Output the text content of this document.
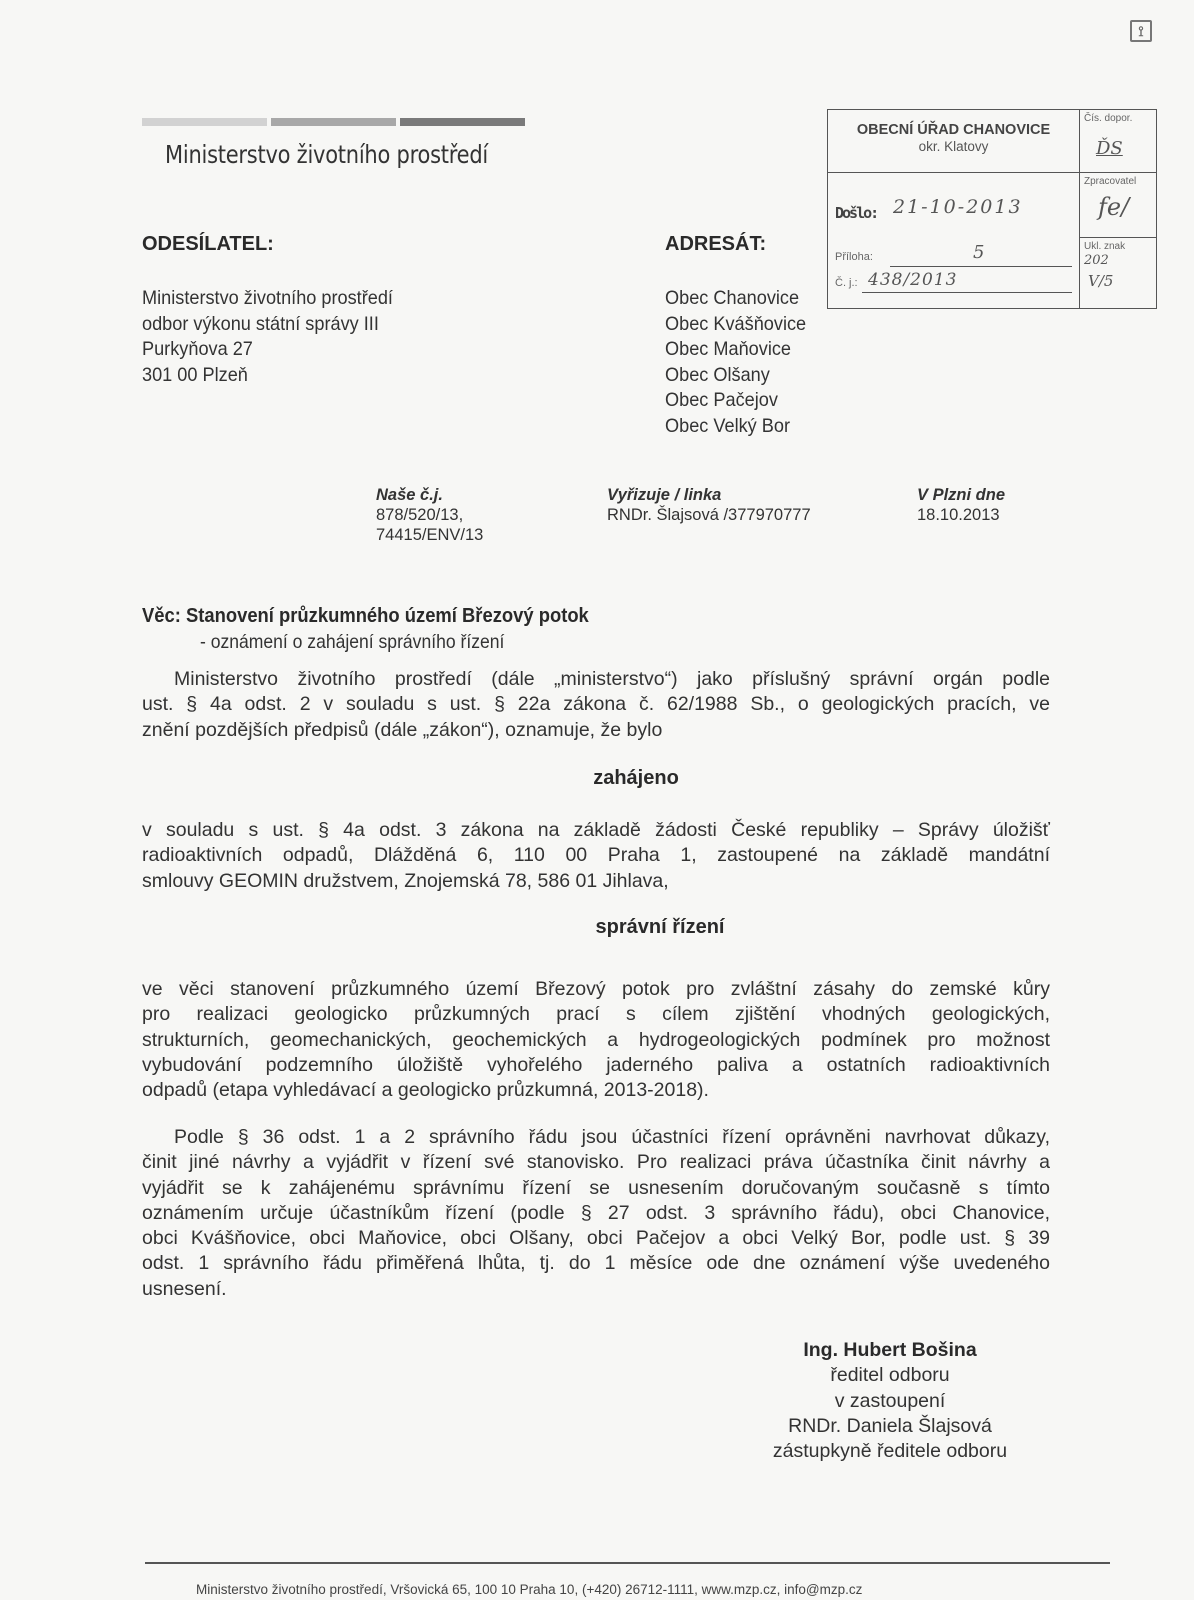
⟟
Ministerstvo životního prostředí
OBECNÍ ÚŘAD CHANOVICE
okr. Klatovy
Došlo: 21-10-2013
Příloha:	5
Č. j.: 438/2013
Čís. dopor.
ĎS
Zpracovatel
fe/
Ukl. znak
202
V/5
ODESÍLATEL:
Ministerstvo životního prostředí
odbor výkonu státní správy III
Purkyňova 27
301 00 Plzeň
ADRESÁT:
Obec Chanovice
Obec Kvášňovice
Obec Maňovice
Obec Olšany
Obec Pačejov
Obec Velký Bor
Naše č.j.
878/520/13,
74415/ENV/13
Vyřizuje / linka
RNDr. Šlajsová /377970777
V Plzni dne
18.10.2013
Věc: Stanovení průzkumného území Březový potok
- oznámení o zahájení správního řízení
Ministerstvo životního prostředí (dále „ministerstvo“) jako příslušný správní orgán podle
ust. § 4a odst. 2 v souladu s ust. § 22a zákona č. 62/1988 Sb., o geologických pracích, ve
znění pozdějších předpisů (dále „zákon“), oznamuje, že bylo
zahájeno
v souladu s ust. § 4a odst. 3 zákona na základě žádosti České republiky – Správy úložišť
radioaktivních odpadů, Dlážděná 6, 110 00 Praha 1, zastoupené na základě mandátní
smlouvy GEOMIN družstvem, Znojemská 78, 586 01 Jihlava,
správní řízení
ve věci stanovení průzkumného území Březový potok pro zvláštní zásahy do zemské kůry
pro realizaci geologicko průzkumných prací s cílem zjištění vhodných geologických,
strukturních, geomechanických, geochemických a hydrogeologických podmínek pro možnost
vybudování podzemního úložiště vyhořelého jaderného paliva a ostatních radioaktivních
odpadů (etapa vyhledávací a geologicko průzkumná, 2013-2018).
Podle § 36 odst. 1 a 2 správního řádu jsou účastníci řízení oprávněni navrhovat důkazy,
činit jiné návrhy a vyjádřit v řízení své stanovisko. Pro realizaci práva účastníka činit návrhy a
vyjádřit se k zahájenému správnímu řízení se usnesením doručovaným současně s tímto
oznámením určuje účastníkům řízení (podle § 27 odst. 3 správního řádu), obci Chanovice,
obci Kvášňovice, obci Maňovice, obci Olšany, obci Pačejov a obci Velký Bor, podle ust. § 39
odst. 1 správního řádu přiměřená lhůta, tj. do 1 měsíce ode dne oznámení výše uvedeného
usnesení.
Ing. Hubert Bošina
ředitel odboru
v zastoupení
RNDr. Daniela Šlajsová
zástupkyně ředitele odboru
Ministerstvo životního prostředí, Vršovická 65, 100 10 Praha 10, (+420) 26712-1111, www.mzp.cz, info@mzp.cz
